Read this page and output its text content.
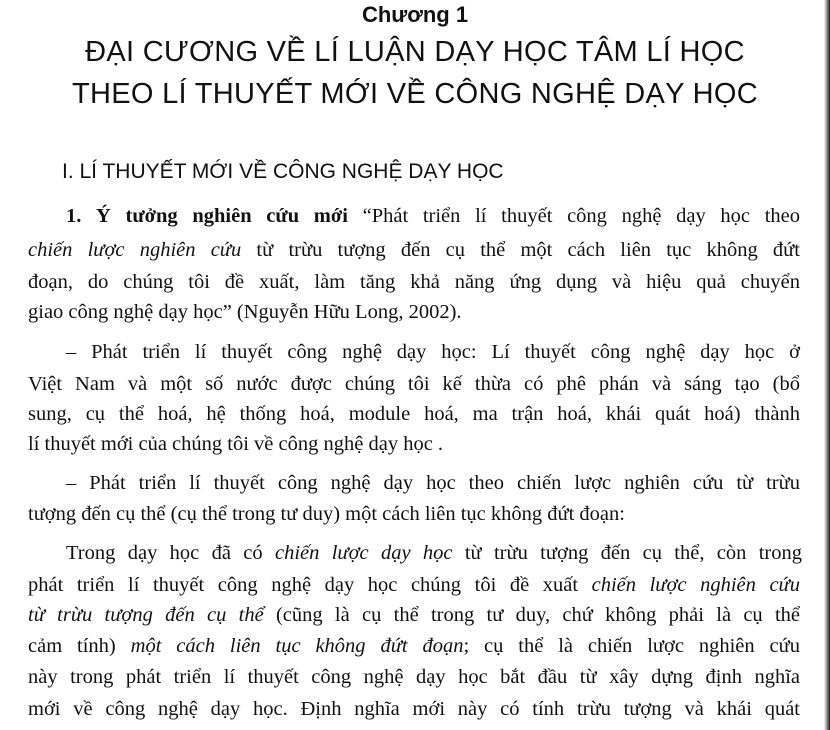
Chương 1
ĐẠI CƯƠNG VỀ LÍ LUẬN DẠY HỌC TÂM LÍ HỌC
THEO LÍ THUYẾT MỚI VỀ CÔNG NGHỆ DẠY HỌC
I. LÍ THUYẾT MỚI VỀ CÔNG NGHỆ DẠY HỌC
1. Ý tưởng nghiên cứu mới “Phát triển lí thuyết công nghệ dạy học theo
chiến lược nghiên cứu từ trừu tượng đến cụ thể một cách liên tục không đứt
đoạn, do chúng tôi đề xuất, làm tăng khả năng ứng dụng và hiệu quả chuyển
giao công nghệ dạy học” (Nguyễn Hữu Long, 2002).
– Phát triển lí thuyết công nghệ dạy học: Lí thuyết công nghệ dạy học ở
Việt Nam và một số nước được chúng tôi kế thừa có phê phán và sáng tạo (bổ
sung, cụ thể hoá, hệ thống hoá, module hoá, ma trận hoá, khái quát hoá) thành
lí thuyết mới của chúng tôi về công nghệ dạy học .
– Phát triển lí thuyết công nghệ dạy học theo chiến lược nghiên cứu từ trừu
tượng đến cụ thể (cụ thể trong tư duy) một cách liên tục không đứt đoạn:
Trong dạy học đã có chiến lược dạy học từ trừu tượng đến cụ thể, còn trong
phát triển lí thuyết công nghệ dạy học chúng tôi đề xuất chiến lược nghiên cứu
từ trừu tượng đến cụ thể (cũng là cụ thể trong tư duy, chứ không phải là cụ thể
cảm tính) một cách liên tục không đứt đoạn; cụ thể là chiến lược nghiên cứu
này trong phát triển lí thuyết công nghệ dạy học bắt đầu từ xây dựng định nghĩa
mới về công nghệ dạy học. Định nghĩa mới này có tính trừu tượng và khái quát
